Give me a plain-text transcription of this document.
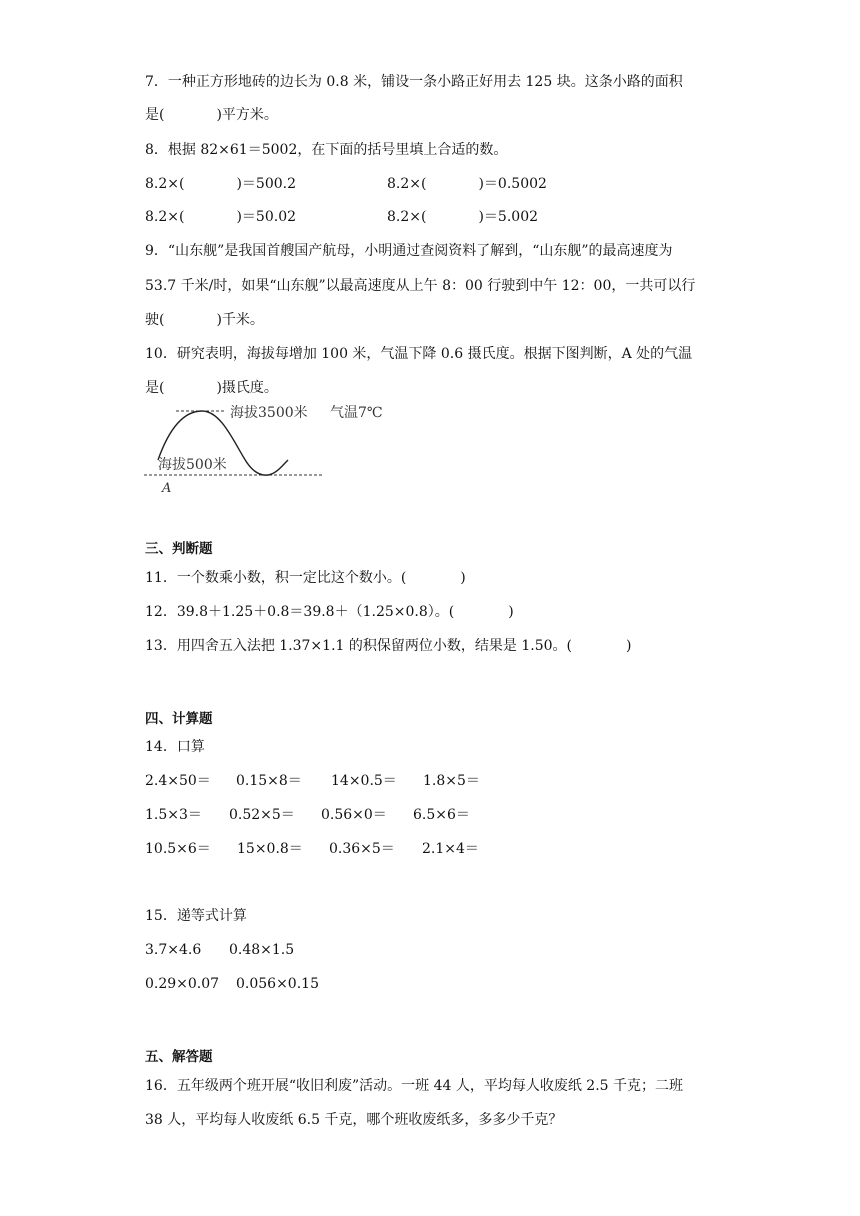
7．一种正方形地砖的边长为 0.8 米，铺设一条小路正好用去 125 块。这条小路的面积
是(	)平方米。
8．根据 82×61＝5002，在下面的括号里填上合适的数。
8.2×(	)＝500.2	8.2×(	)＝0.5002
8.2×(	)＝50.02	8.2×(	)＝5.002
9．“山东舰”是我国首艘国产航母，小明通过查阅资料了解到，“山东舰”的最高速度为
53.7 千米/时，如果“山东舰”以最高速度从上午 8：00 行驶到中午 12：00，一共可以行
驶(	)千米。
10．研究表明，海拔每增加 100 米，气温下降 0.6 摄氏度。根据下图判断，A 处的气温
是(	)摄氏度。
海拔3500米 气温7℃
海拔500米
A
三、判断题
11．一个数乘小数，积一定比这个数小。(	)
12．39.8＋1.25＋0.8＝39.8＋（1.25×0.8）。(	)
13．用四舍五入法把 1.37×1.1 的积保留两位小数，结果是 1.50。(	)
四、计算题
14．口算
2.4×50＝ 0.15×8＝ 14×0.5＝ 1.8×5＝
1.5×3＝ 0.52×5＝ 0.56×0＝ 6.5×6＝
10.5×6＝ 15×0.8＝ 0.36×5＝ 2.1×4＝
15．递等式计算
3.7×4.6 0.48×1.5
0.29×0.07 0.056×0.15
五、解答题
16．五年级两个班开展“收旧利废”活动。一班 44 人，平均每人收废纸 2.5 千克；二班
38 人，平均每人收废纸 6.5 千克，哪个班收废纸多，多多少千克？
